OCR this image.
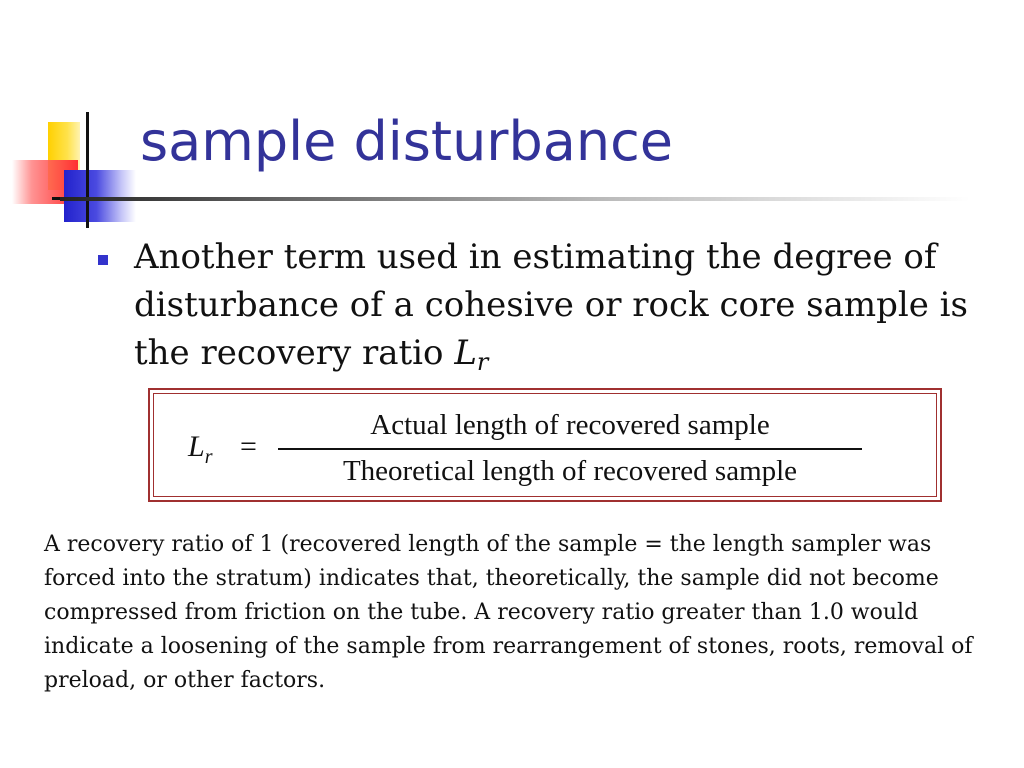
sample disturbance

Another term used in estimating the degree of disturbance of a cohesive or rock core sample is the recovery ratio $L_r$

$L_r$ =
Actual length of recovered sample
Theoretical length of recovered sample

A recovery ratio of 1 (recovered length of the sample = the length sampler was forced into the stratum) indicates that, theoretically, the sample did not become compressed from friction on the tube. A recovery ratio greater than 1.0 would indicate a loosening of the sample from rearrangement of stones, roots, removal of preload, or other factors.
